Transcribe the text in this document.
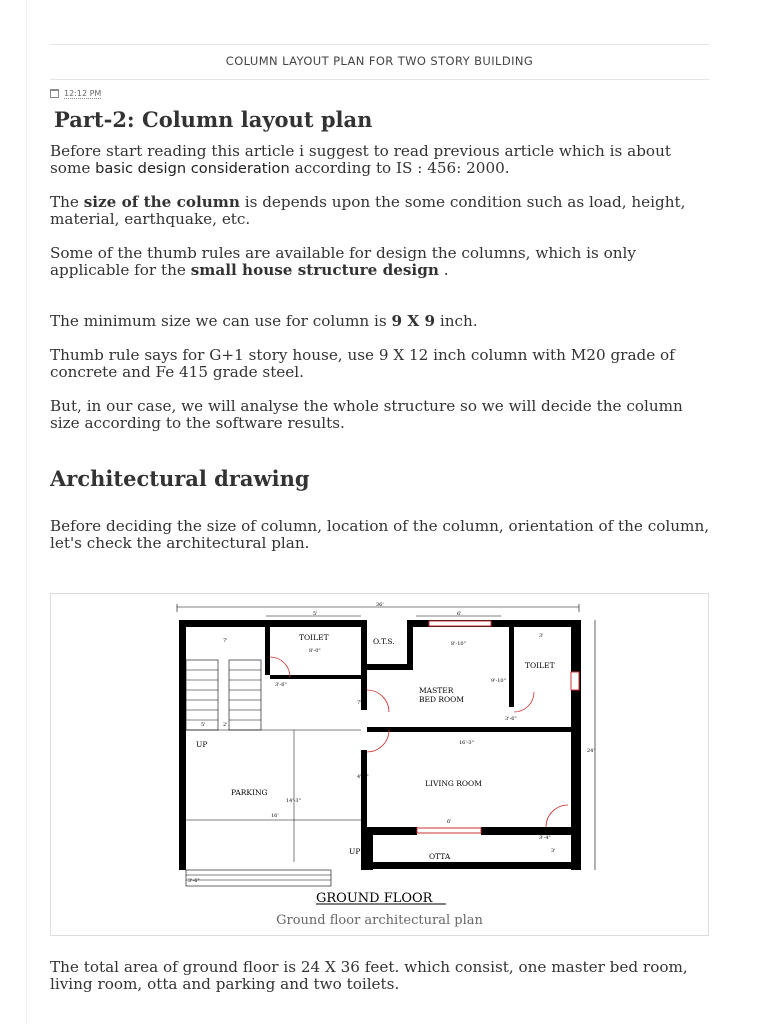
COLUMN LAYOUT PLAN FOR TWO STORY BUILDING
12:12 PM
Part-2: Column layout plan

Before start reading this article i suggest to read previous article which is about some basic design consideration according to IS : 456: 2000.

The size of the column is depends upon the some condition such as load, height, material, earthquake, etc.

Some of the thumb rules are available for design the columns, which is only applicable for the small house structure design .

The minimum size we can use for column is 9 X 9 inch.

Thumb rule says for G+1 story house, use 9 X 12 inch column with M20 grade of concrete and Fe 415 grade steel.

But, in our case, we will analyse the whole structure so we will decide the column size according to the software results.

Architectural drawing

Before deciding the size of column, location of the column, orientation of the column, let's check the architectural plan.

TOILET	O.T.S.
TOILET
MASTER
BED ROOM
UP
PARKING
LIVING ROOM
UP
OTTA
36'
5'	6'
24'
7'
8'-0"
8'-10"
3'-10"
3'
9'-10"
3'-6"
16'-3"
16'
14'-3"
6'
3'-6"
3'
2'
5'
7'
3'-6"
4'-6"
3'-4"
GROUND FLOOR
Ground floor architectural plan

The total area of ground floor is 24 X 36 feet. which consist, one master bed room, living room, otta and parking and two toilets.
